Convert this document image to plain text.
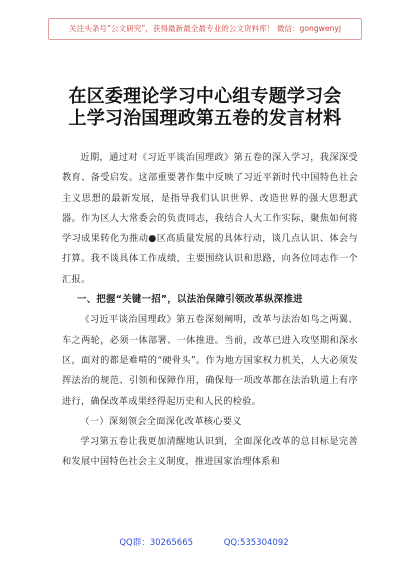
关注头条号“公文研究”，获得最新最全最专业的公文资料库！ 微信：gongwenyj
在区委理论学习中心组专题学习会
上学习治国理政第五卷的发言材料

近期，通过对《习近平谈治国理政》第五卷的深入学习，我深深受教育、备受启发。这部重要著作集中反映了习近平新时代中国特色社会主义思想的最新发展，是指导我们认识世界、改造世界的强大思想武器。作为区人大常委会的负责同志，我结合人大工作实际，聚焦如何将学习成果转化为推动●区高质量发展的具体行动，谈几点认识、体会与打算。我不谈具体工作成绩，主要围绕认识和思路，向各位同志作一个汇报。

一、把握“关键一招”，以法治保障引领改革纵深推进

《习近平谈治国理政》第五卷深刻阐明，改革与法治如鸟之两翼、车之两轮，必须一体部署、一体推进。当前，改革已进入攻坚期和深水区，面对的都是难啃的“硬骨头”。作为地方国家权力机关，人大必须发挥法治的规范、引领和保障作用，确保每一项改革都在法治轨道上有序进行，确保改革成果经得起历史和人民的检验。

（一）深刻领会全面深化改革核心要义

学习第五卷让我更加清醒地认识到，全面深化改革的总目标是完善和发展中国特色社会主义制度，推进国家治理体系和

QQ群：30265665	QQ:535304092
